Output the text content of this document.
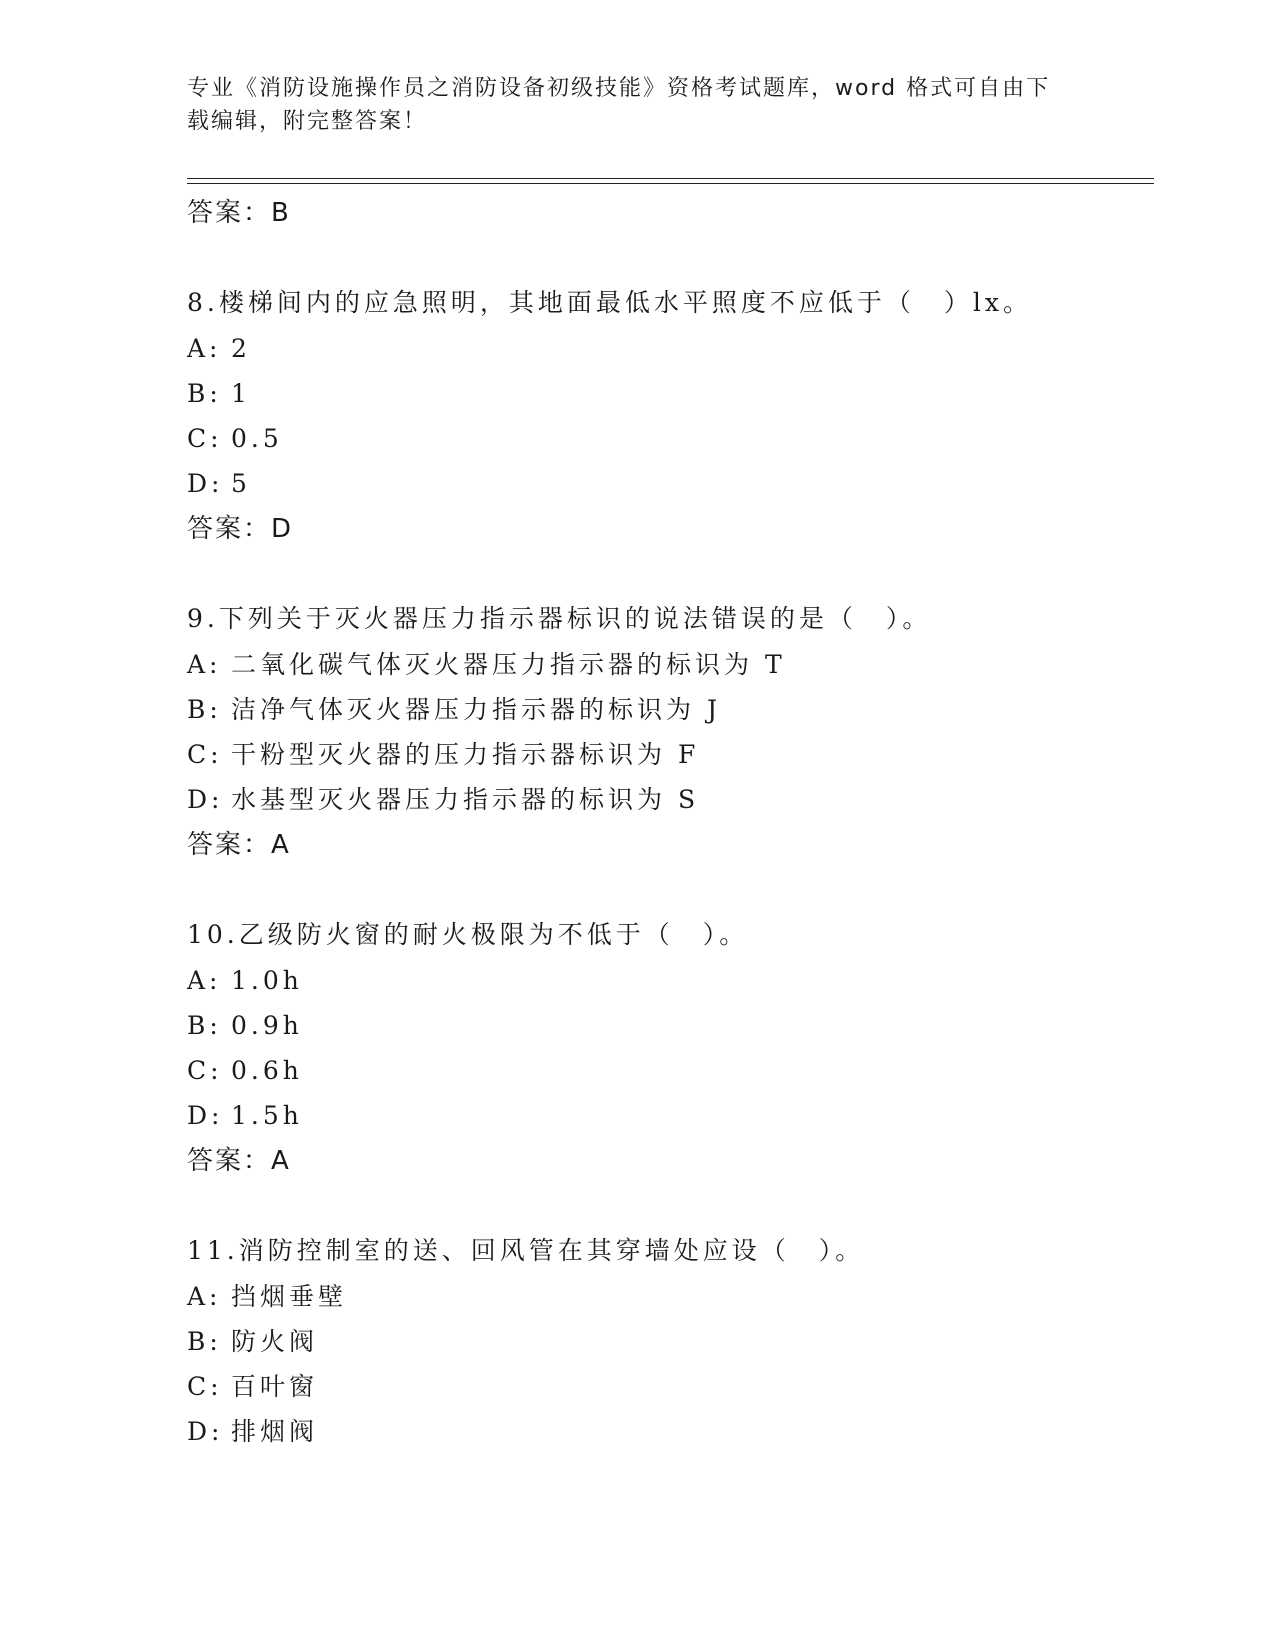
专业《消防设施操作员之消防设备初级技能》资格考试题库，word 格式可自由下
载编辑，附完整答案！
答案：B
8.楼梯间内的应急照明，其地面最低水平照度不应低于（　）lx。
A: 2
B: 1
C: 0.5
D: 5
答案：D
9.下列关于灭火器压力指示器标识的说法错误的是（　）。
A: 二氧化碳气体灭火器压力指示器的标识为 T
B: 洁净气体灭火器压力指示器的标识为 J
C: 干粉型灭火器的压力指示器标识为 F
D: 水基型灭火器压力指示器的标识为 S
答案：A
10.乙级防火窗的耐火极限为不低于（　）。
A: 1.0h
B: 0.9h
C: 0.6h
D: 1.5h
答案：A
11.消防控制室的送、回风管在其穿墙处应设（　）。
A: 挡烟垂壁
B: 防火阀
C: 百叶窗
D: 排烟阀
